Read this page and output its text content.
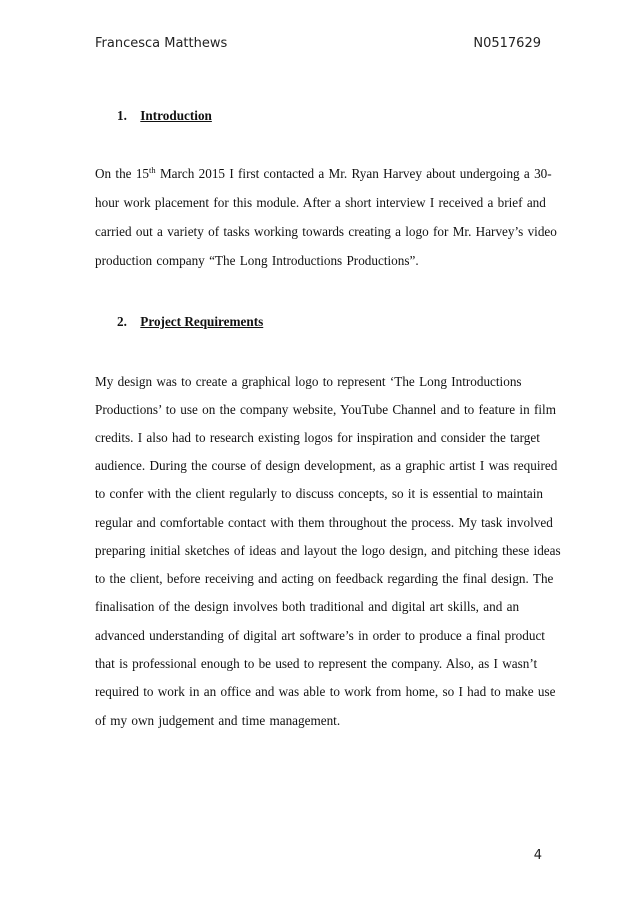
Francesca Matthews	N0517629
1. Introduction
On the 15th March 2015 I first contacted a Mr. Ryan Harvey about undergoing a 30-
hour work placement for this module. After a short interview I received a brief and
carried out a variety of tasks working towards creating a logo for Mr. Harvey’s video
production company “The Long Introductions Productions”.
2. Project Requirements
My design was to create a graphical logo to represent ‘The Long Introductions
Productions’ to use on the company website, YouTube Channel and to feature in film
credits. I also had to research existing logos for inspiration and consider the target
audience. During the course of design development, as a graphic artist I was required
to confer with the client regularly to discuss concepts, so it is essential to maintain
regular and comfortable contact with them throughout the process. My task involved
preparing initial sketches of ideas and layout the logo design, and pitching these ideas
to the client, before receiving and acting on feedback regarding the final design. The
finalisation of the design involves both traditional and digital art skills, and an
advanced understanding of digital art software’s in order to produce a final product
that is professional enough to be used to represent the company. Also, as I wasn’t
required to work in an office and was able to work from home, so I had to make use
of my own judgement and time management.
4
